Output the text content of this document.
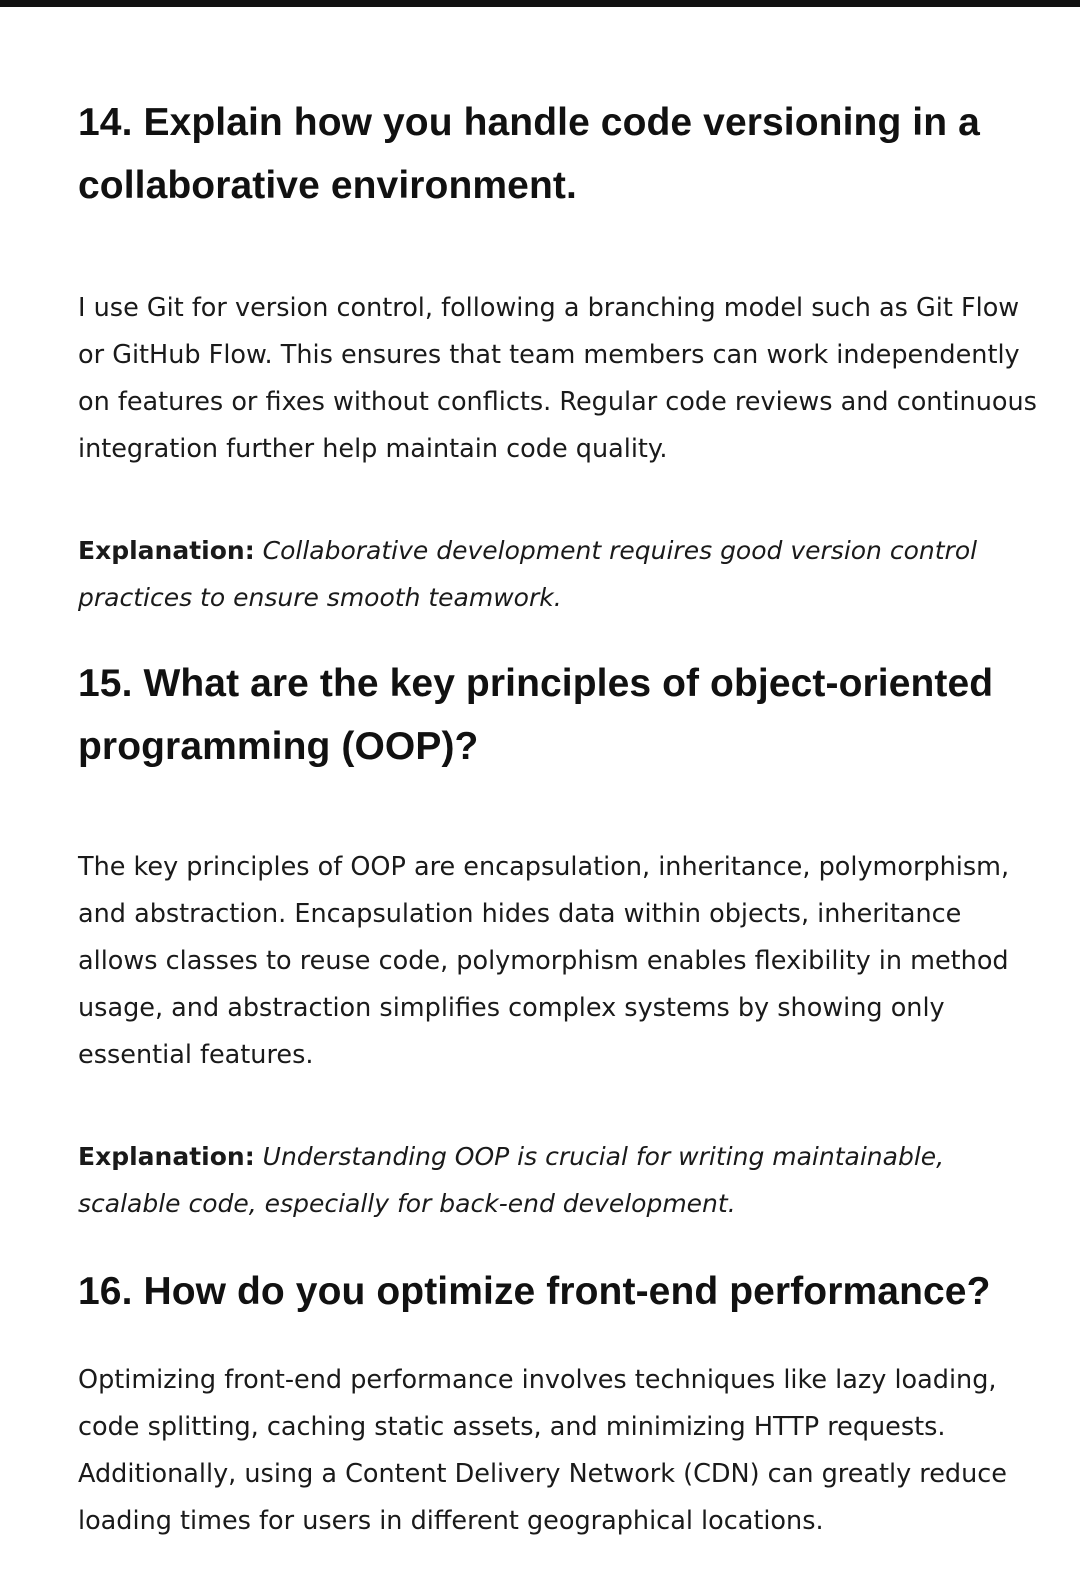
14. Explain how you handle code versioning in a collaborative environment.

I use Git for version control, following a branching model such as Git Flow or GitHub Flow. This ensures that team members can work independently on features or fixes without conflicts. Regular code reviews and continuous integration further help maintain code quality.

Explanation: Collaborative development requires good version control practices to ensure smooth teamwork.

15. What are the key principles of object-oriented programming (OOP)?

The key principles of OOP are encapsulation, inheritance, polymorphism, and abstraction. Encapsulation hides data within objects, inheritance allows classes to reuse code, polymorphism enables flexibility in method usage, and abstraction simplifies complex systems by showing only essential features.

Explanation: Understanding OOP is crucial for writing maintainable, scalable code, especially for back-end development.

16. How do you optimize front-end performance?

Optimizing front-end performance involves techniques like lazy loading, code splitting, caching static assets, and minimizing HTTP requests. Additionally, using a Content Delivery Network (CDN) can greatly reduce loading times for users in different geographical locations.
